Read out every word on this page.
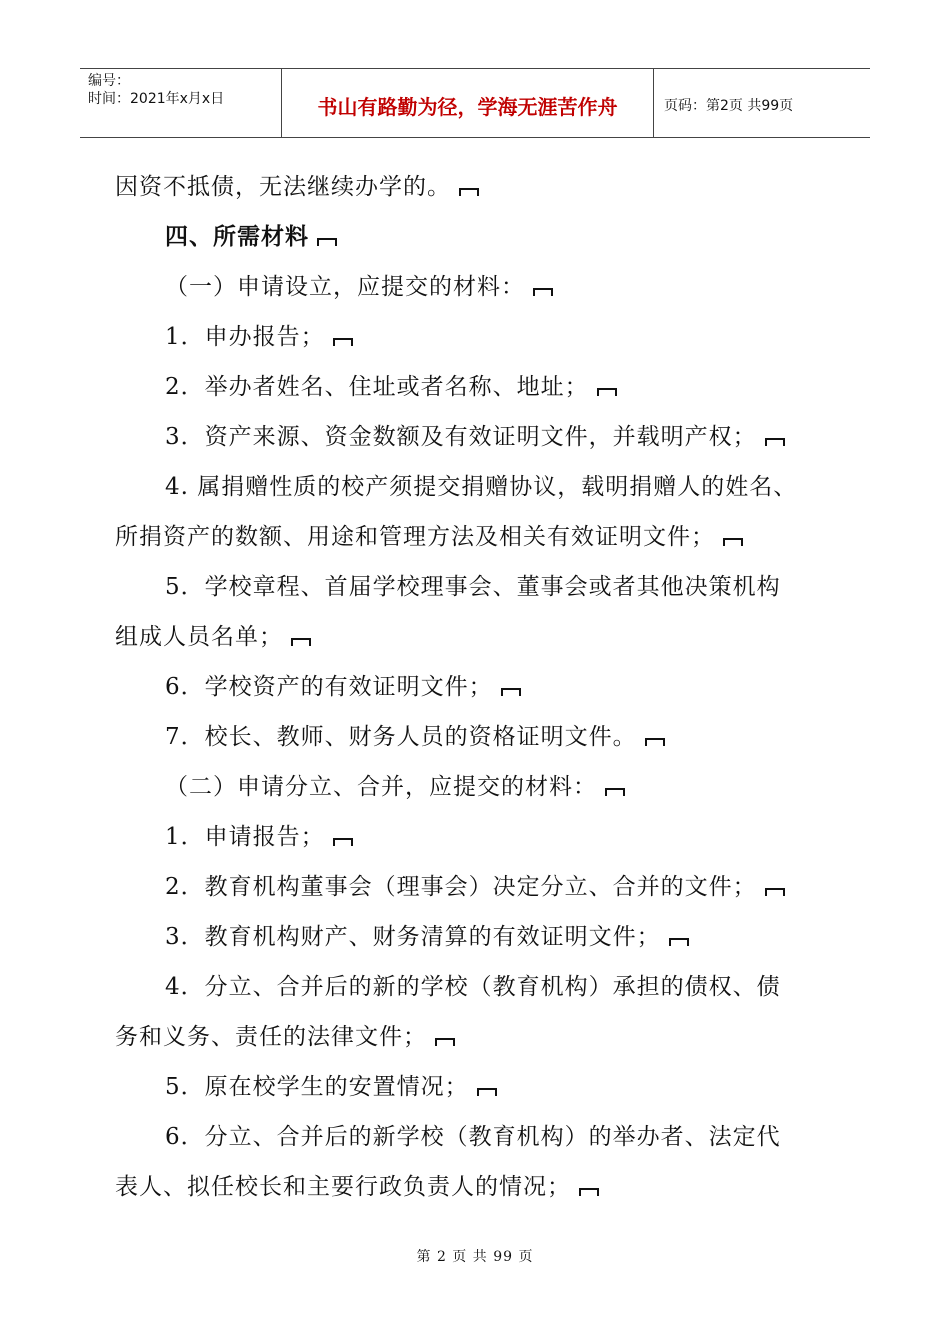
编号：
时间：2021年x月x日	书山有路勤为径，学海无涯苦作舟	页码：第2页 共99页
因资不抵债，无法继续办学的。
四、所需材料
（一）申请设立，应提交的材料：
1．申办报告；
2．举办者姓名、住址或者名称、地址；
3．资产来源、资金数额及有效证明文件，并载明产权；
4. 属捐赠性质的校产须提交捐赠协议，载明捐赠人的姓名、
所捐资产的数额、用途和管理方法及相关有效证明文件；
5．学校章程、首届学校理事会、董事会或者其他决策机构
组成人员名单；
6．学校资产的有效证明文件；
7．校长、教师、财务人员的资格证明文件。
（二）申请分立、合并，应提交的材料：
1．申请报告；
2．教育机构董事会（理事会）决定分立、合并的文件；
3．教育机构财产、财务清算的有效证明文件；
4．分立、合并后的新的学校（教育机构）承担的债权、债
务和义务、责任的法律文件；
5．原在校学生的安置情况；
6．分立、合并后的新学校（教育机构）的举办者、法定代
表人、拟任校长和主要行政负责人的情况；
第 2 页 共 99 页
